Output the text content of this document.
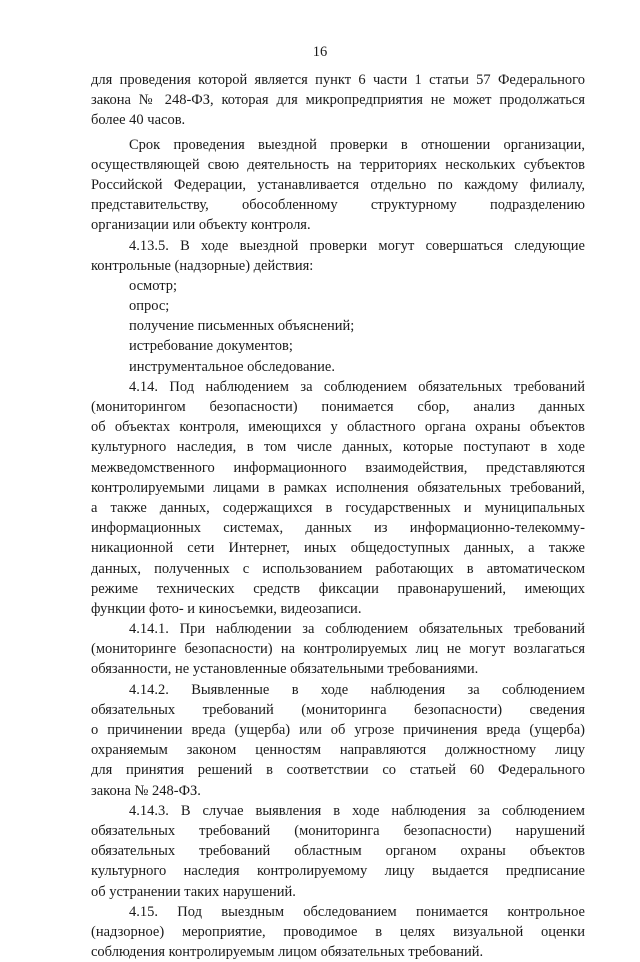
16
для проведения которой является пункт 6 части 1 статьи 57 Федерального
закона № 248-ФЗ, которая для микропредприятия не может продолжаться
более 40 часов.
Срок проведения выездной проверки в отношении организации,
осуществляющей свою деятельность на территориях нескольких субъектов
Российской Федерации, устанавливается отдельно по каждому филиалу,
представительству, обособленному структурному подразделению
организации или объекту контроля.
4.13.5. В ходе выездной проверки могут совершаться следующие
контрольные (надзорные) действия:
осмотр;
опрос;
получение письменных объяснений;
истребование документов;
инструментальное обследование.
4.14. Под наблюдением за соблюдением обязательных требований
(мониторингом безопасности) понимается сбор, анализ данных
об объектах контроля, имеющихся у областного органа охраны объектов
культурного наследия, в том числе данных, которые поступают в ходе
межведомственного информационного взаимодействия, представляются
контролируемыми лицами в рамках исполнения обязательных требований,
а также данных, содержащихся в государственных и муниципальных
информационных системах, данных из информационно-телекомму-
никационной сети Интернет, иных общедоступных данных, а также
данных, полученных с использованием работающих в автоматическом
режиме технических средств фиксации правонарушений, имеющих
функции фото- и киносъемки, видеозаписи.
4.14.1. При наблюдении за соблюдением обязательных требований
(мониторинге безопасности) на контролируемых лиц не могут возлагаться
обязанности, не установленные обязательными требованиями.
4.14.2. Выявленные в ходе наблюдения за соблюдением
обязательных требований (мониторинга безопасности) сведения
о причинении вреда (ущерба) или об угрозе причинения вреда (ущерба)
охраняемым законом ценностям направляются должностному лицу
для принятия решений в соответствии со статьей 60 Федерального
закона № 248-ФЗ.
4.14.3. В случае выявления в ходе наблюдения за соблюдением
обязательных требований (мониторинга безопасности) нарушений
обязательных требований областным органом охраны объектов
культурного наследия контролируемому лицу выдается предписание
об устранении таких нарушений.
4.15. Под выездным обследованием понимается контрольное
(надзорное) мероприятие, проводимое в целях визуальной оценки
соблюдения контролируемым лицом обязательных требований.
